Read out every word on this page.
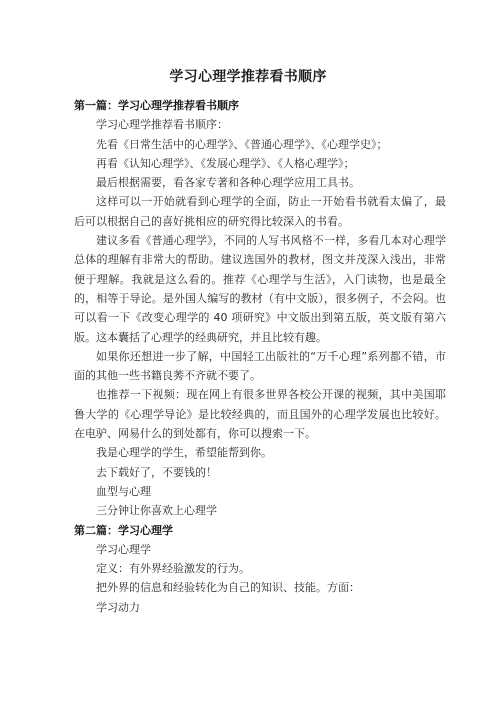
学习心理学推荐看书顺序

第一篇：学习心理学推荐看书顺序

学习心理学推荐看书顺序：

先看《日常生活中的心理学》、《普通心理学》、《心理学史》；

再看《认知心理学》、《发展心理学》、《人格心理学》；

最后根据需要，看各家专著和各种心理学应用工具书。

这样可以一开始就看到心理学的全面，防止一开始看书就看太偏了，最后可以根据自己的喜好挑相应的研究得比较深入的书看。

建议多看《普通心理学》，不同的人写书风格不一样，多看几本对心理学总体的理解有非常大的帮助。建议选国外的教材，图文并茂深入浅出，非常便于理解。我就是这么看的。推荐《心理学与生活》，入门读物，也是最全的，相等于导论。是外国人编写的教材（有中文版），很多例子，不会闷。也可以看一下《改变心理学的 40 项研究》中文版出到第五版，英文版有第六版。这本囊括了心理学的经典研究，并且比较有趣。

如果你还想进一步了解，中国轻工出版社的“万千心理”系列都不错，市面的其他一些书籍良莠不齐就不要了。

也推荐一下视频：现在网上有很多世界各校公开课的视频，其中美国耶鲁大学的《心理学导论》是比较经典的，而且国外的心理学发展也比较好。在电驴、网易什么的到处都有，你可以搜索一下。

我是心理学的学生，希望能帮到你。

去下载好了，不要钱的！

血型与心理

三分钟让你喜欢上心理学

第二篇：学习心理学

学习心理学

定义：有外界经验激发的行为。

把外界的信息和经验转化为自己的知识、技能。方面：

学习动力
